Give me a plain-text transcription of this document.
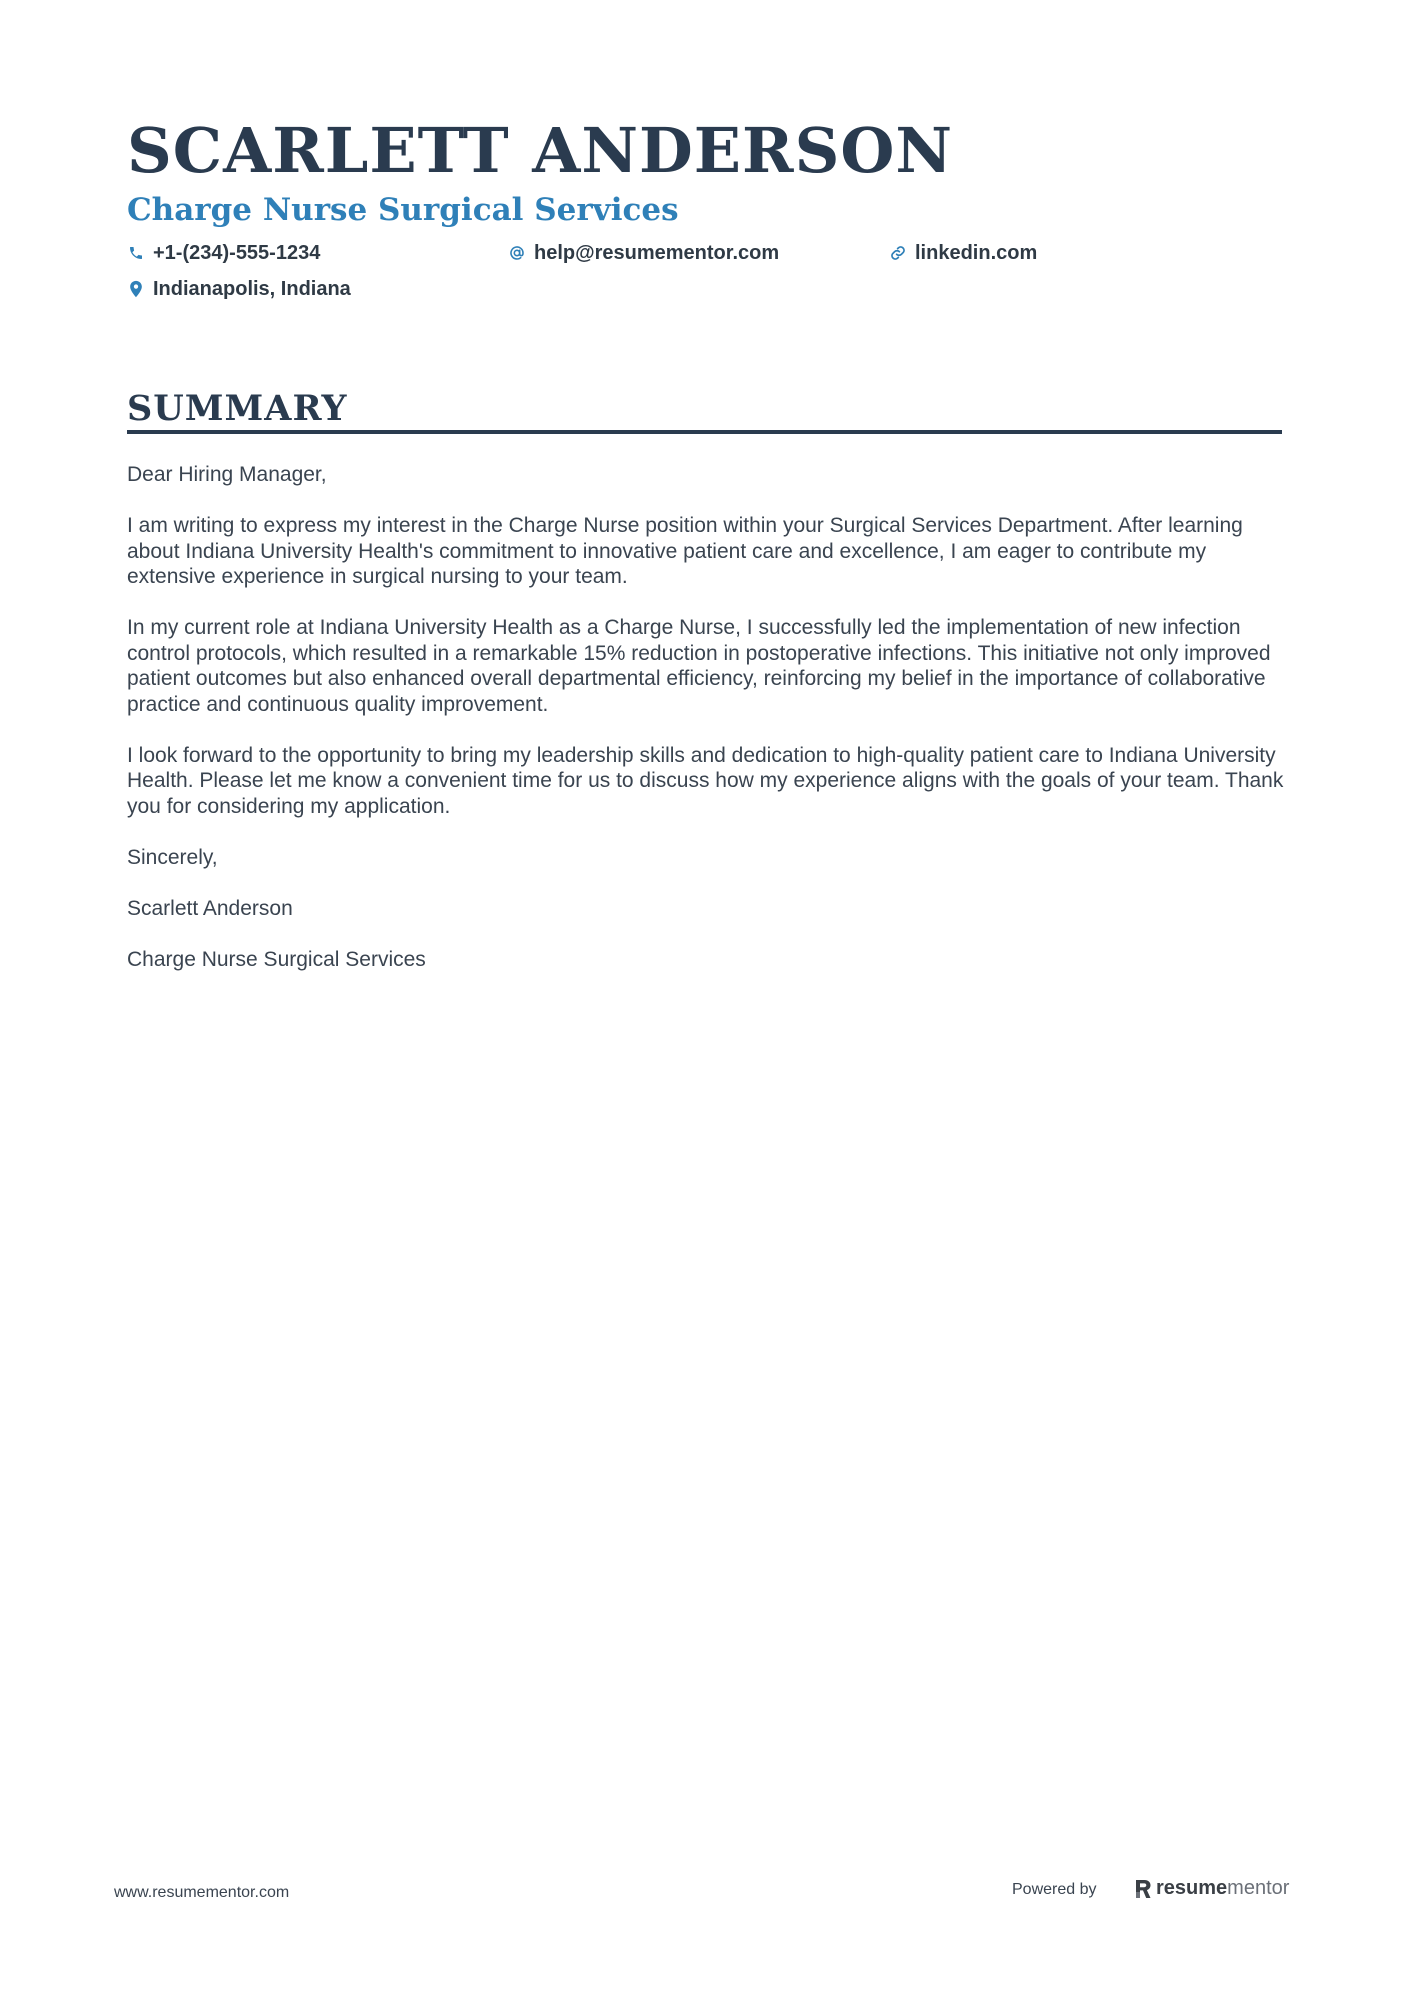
SCARLETT ANDERSON
Charge Nurse Surgical Services
+1-(234)-555-1234	help@resumementor.com	linkedin.com
Indianapolis, Indiana
SUMMARY

Dear Hiring Manager,

I am writing to express my interest in the Charge Nurse position within your Surgical Services Department. After learning about Indiana University Health's commitment to innovative patient care and excellence, I am eager to contribute my extensive experience in surgical nursing to your team.

In my current role at Indiana University Health as a Charge Nurse, I successfully led the implementation of new infection control protocols, which resulted in a remarkable 15% reduction in postoperative infections. This initiative not only improved patient outcomes but also enhanced overall departmental efficiency, reinforcing my belief in the importance of collaborative practice and continuous quality improvement.

I look forward to the opportunity to bring my leadership skills and dedication to high-quality patient care to Indiana University Health. Please let me know a convenient time for us to discuss how my experience aligns with the goals of your team. Thank you for considering my application.

Sincerely,

Scarlett Anderson

Charge Nurse Surgical Services

www.resumementor.com	Powered by	resumementor
